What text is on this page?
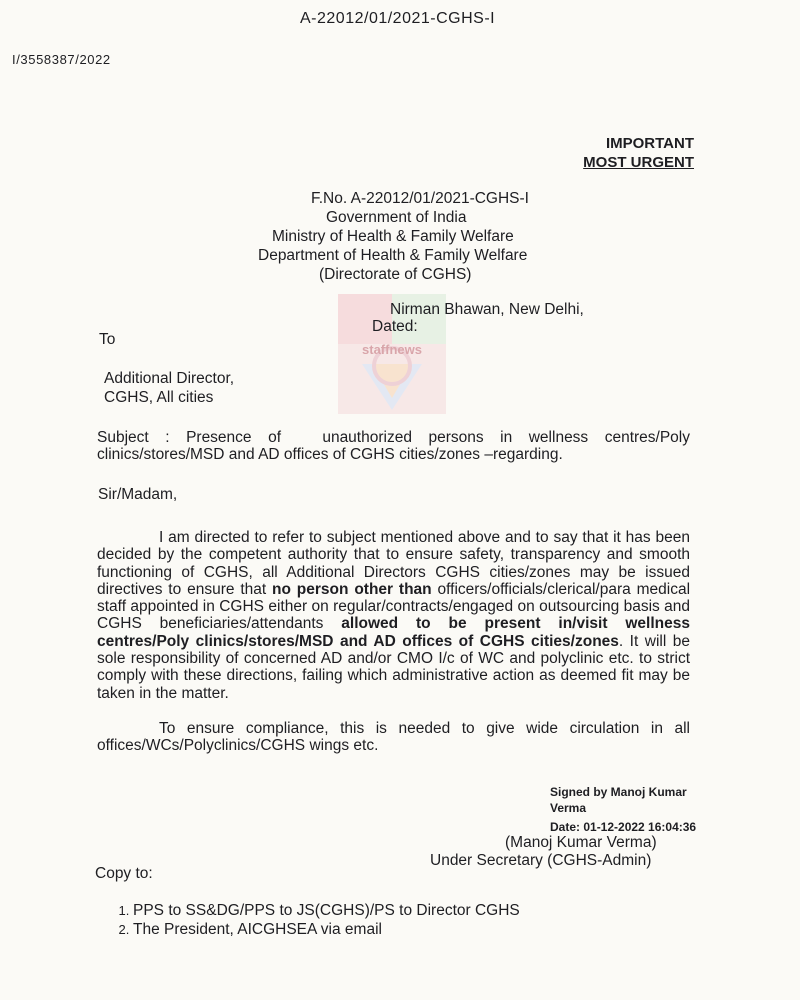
A-22012/01/2021-CGHS-I
I/3558387/2022
IMPORTANT
MOST URGENT
F.No. A-22012/01/2021-CGHS-I
Government of India
Ministry of Health & Family Welfare
Department of Health & Family Welfare
(Directorate of CGHS)
staffnews
Nirman Bhawan, New Delhi,
Dated:
To
Additional Director,
CGHS, All cities
Subject  :  Presence  of     unauthorized  persons  in  wellness  centres/Poly clinics/stores/MSD and AD offices of CGHS cities/zones –regarding.
Sir/Madam,

I am directed to refer to subject mentioned above and to say that it has been decided by the competent authority that to ensure safety, transparency and smooth functioning of CGHS, all Additional Directors CGHS cities/zones may be issued directives to ensure that no person other than officers/officials/clerical/para medical staff appointed in CGHS either on regular/contracts/engaged on outsourcing basis and CGHS beneficiaries/attendants allowed to be present in/visit wellness centres/Poly clinics/stores/MSD and AD offices of CGHS cities/zones. It will be sole responsibility of concerned AD and/or CMO I/c of WC and polyclinic etc. to strict comply with these directions, failing which administrative action as deemed fit may be taken in the matter.

To ensure compliance, this is needed to give wide circulation in all offices/WCs/Polyclinics/CGHS wings etc.

Signed by Manoj Kumar
Verma
Date: 01-12-2022 16:04:36
(Manoj Kumar Verma)
Under Secretary (CGHS-Admin)
Copy to:
1. PPS to SS&DG/PPS to JS(CGHS)/PS to Director CGHS
2. The President, AICGHSEA via email
